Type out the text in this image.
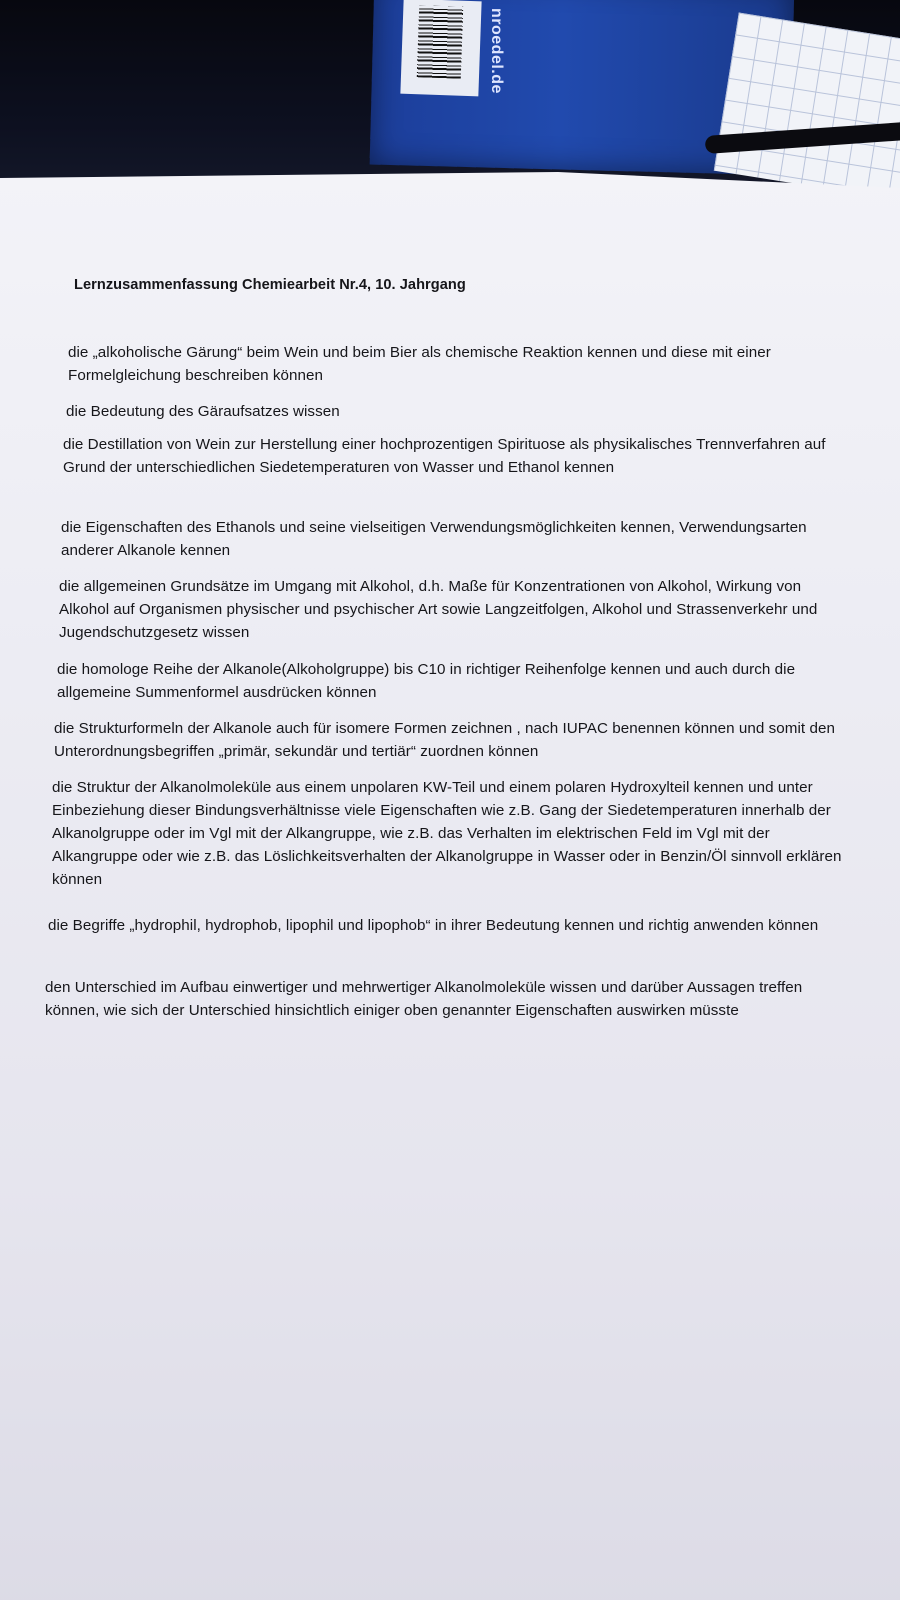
nroedel.de
Lernzusammenfassung Chemiearbeit Nr.4, 10. Jahrgang

die „alkoholische Gärung“ beim Wein und beim Bier als chemische Reaktion kennen und diese mit einer Formelgleichung beschreiben können

die Bedeutung des Gäraufsatzes wissen

die Destillation von Wein zur Herstellung einer hochprozentigen Spirituose als physikalisches Trennverfahren auf Grund der unterschiedlichen Siedetemperaturen von Wasser und Ethanol kennen

die Eigenschaften des Ethanols und seine vielseitigen Verwendungsmöglichkeiten kennen, Verwendungsarten anderer Alkanole kennen

die allgemeinen Grundsätze im Umgang mit Alkohol, d.h. Maße für Konzentrationen von Alkohol, Wirkung von Alkohol auf Organismen physischer und psychischer Art sowie Langzeitfolgen, Alkohol und Strassenverkehr und Jugendschutzgesetz wissen

die homologe Reihe der Alkanole(Alkoholgruppe) bis C10 in richtiger Reihenfolge kennen und auch durch die allgemeine Summenformel ausdrücken können

die Strukturformeln der Alkanole auch für isomere Formen zeichnen , nach IUPAC benennen können und somit den Unterordnungsbegriffen „primär, sekundär und tertiär“ zuordnen können

die Struktur der Alkanolmoleküle aus einem unpolaren KW-Teil und einem polaren Hydroxylteil kennen und unter Einbeziehung dieser Bindungsverhältnisse viele Eigenschaften wie z.B. Gang der Siedetemperaturen innerhalb der Alkanolgruppe oder im Vgl mit der Alkangruppe, wie z.B. das Verhalten im elektrischen Feld im Vgl mit der Alkangruppe oder wie z.B. das Löslichkeitsverhalten der Alkanolgruppe in Wasser oder in Benzin/Öl sinnvoll erklären können

die Begriffe „hydrophil, hydrophob, lipophil und lipophob“ in ihrer Bedeutung kennen und richtig anwenden können

den Unterschied im Aufbau einwertiger und mehrwertiger Alkanolmoleküle wissen und darüber Aussagen treffen können, wie sich der Unterschied hinsichtlich einiger oben genannter Eigenschaften auswirken müsste
